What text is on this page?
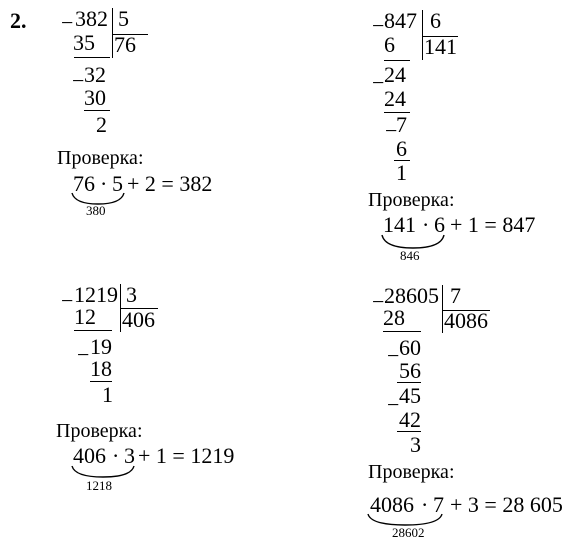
2. − 382
35
5
76
− 32
30
2
Проверка:
76 · 5 + 2 = 382
380
− 847
6
6
141
− 24
24
−
7
6
1
Проверка:
141 · 6 + 1 = 847
846
− 1219
12
3
406
− 19
18
1
Проверка:
406 · 3 + 1 = 1219
1218
− 28605
28
7
4086
− 60
56
− 45
42
3
Проверка:
4086 · 7 + 3 = 28 605
28602
